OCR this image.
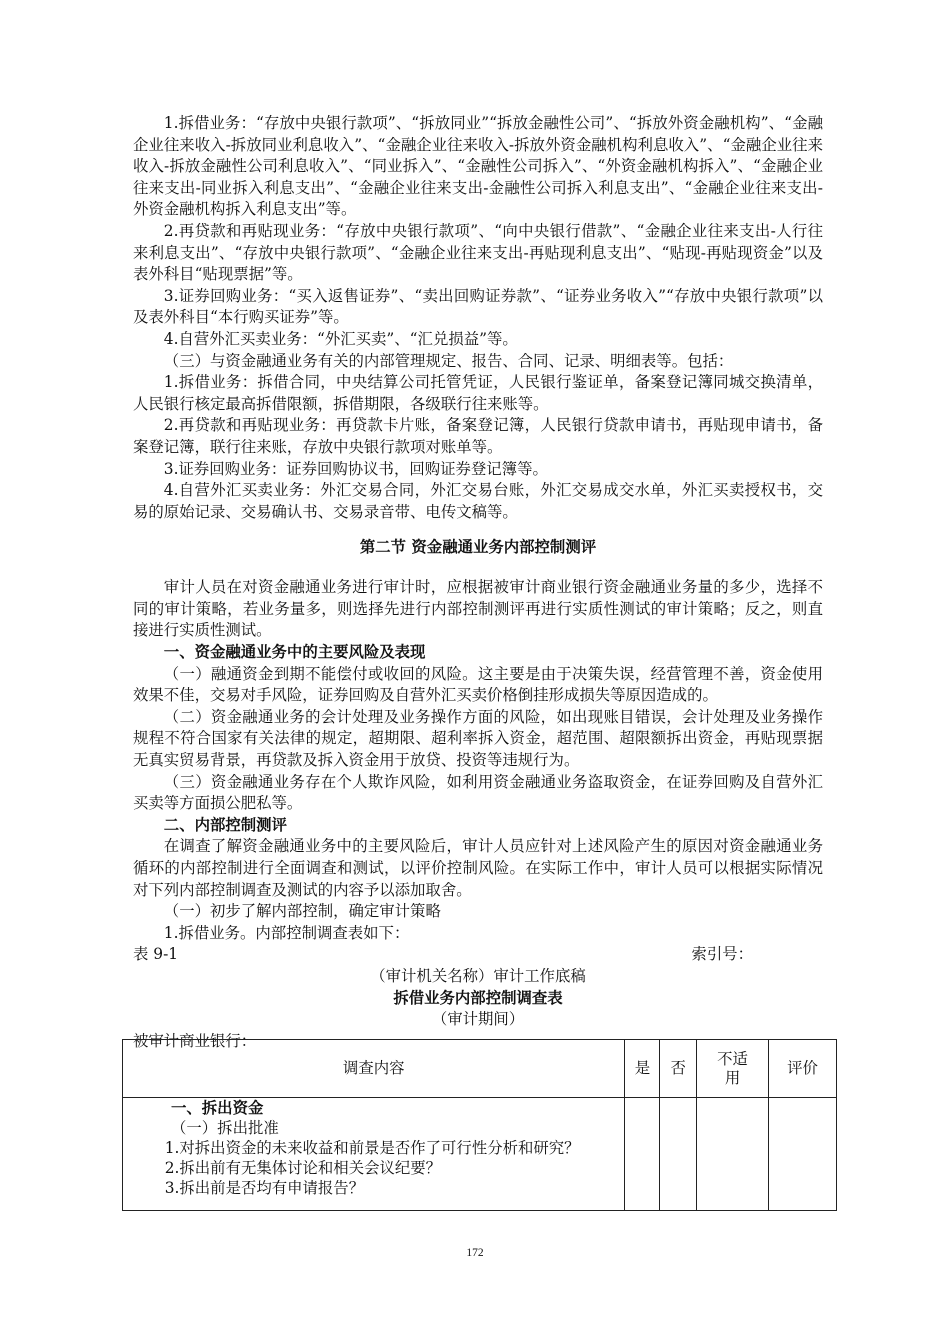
1.拆借业务：“存放中央银行款项”、“拆放同业”“拆放金融性公司”、“拆放外资金融机构”、“金融企业往来收入-拆放同业利息收入”、“金融企业往来收入-拆放外资金融机构利息收入”、“金融企业往来收入-拆放金融性公司利息收入”、“同业拆入”、“金融性公司拆入”、“外资金融机构拆入”、“金融企业往来支出-同业拆入利息支出”、“金融企业往来支出-金融性公司拆入利息支出”、“金融企业往来支出-外资金融机构拆入利息支出”等。

2.再贷款和再贴现业务：“存放中央银行款项”、“向中央银行借款”、“金融企业往来支出-人行往来利息支出”、“存放中央银行款项”、“金融企业往来支出-再贴现利息支出”、“贴现-再贴现资金”以及表外科目“贴现票据”等。

3.证券回购业务：“买入返售证券”、“卖出回购证券款”、“证券业务收入”“存放中央银行款项”以及表外科目“本行购买证券”等。

4.自营外汇买卖业务：“外汇买卖”、“汇兑损益”等。

（三）与资金融通业务有关的内部管理规定、报告、合同、记录、明细表等。包括：

1.拆借业务：拆借合同，中央结算公司托管凭证，人民银行鉴证单，备案登记簿同城交换清单，人民银行核定最高拆借限额，拆借期限，各级联行往来账等。

2.再贷款和再贴现业务：再贷款卡片账，备案登记簿，人民银行贷款申请书，再贴现申请书，备案登记簿，联行往来账，存放中央银行款项对账单等。

3.证券回购业务：证券回购协议书，回购证券登记簿等。

4.自营外汇买卖业务：外汇交易合同，外汇交易台账，外汇交易成交水单，外汇买卖授权书，交易的原始记录、交易确认书、交易录音带、电传文稿等。

第二节 资金融通业务内部控制测评

审计人员在对资金融通业务进行审计时，应根据被审计商业银行资金融通业务量的多少，选择不同的审计策略，若业务量多，则选择先进行内部控制测评再进行实质性测试的审计策略；反之，则直接进行实质性测试。

一、资金融通业务中的主要风险及表现

（一）融通资金到期不能偿付或收回的风险。这主要是由于决策失误，经营管理不善，资金使用效果不佳，交易对手风险，证券回购及自营外汇买卖价格倒挂形成损失等原因造成的。

（二）资金融通业务的会计处理及业务操作方面的风险，如出现账目错误，会计处理及业务操作规程不符合国家有关法律的规定，超期限、超利率拆入资金，超范围、超限额拆出资金，再贴现票据无真实贸易背景，再贷款及拆入资金用于放贷、投资等违规行为。

（三）资金融通业务存在个人欺诈风险，如利用资金融通业务盗取资金，在证券回购及自营外汇买卖等方面损公肥私等。

二、内部控制测评

在调查了解资金融通业务中的主要风险后，审计人员应针对上述风险产生的原因对资金融通业务循环的内部控制进行全面调查和测试，以评价控制风险。在实际工作中，审计人员可以根据实际情况对下列内部控制调查及测试的内容予以添加取舍。

（一）初步了解内部控制，确定审计策略

1.拆借业务。内部控制调查表如下：

表 9-1	索引号：
（审计机关名称）审计工作底稿
拆借业务内部控制调查表
（审计期间）
被审计商业银行：
调查内容	是	否	不适用	评价

一、拆出资金
（一）拆出批准
1.对拆出资金的未来收益和前景是否作了可行性分析和研究？
2.拆出前有无集体讨论和相关会议纪要？
3.拆出前是否均有申请报告？				

172
